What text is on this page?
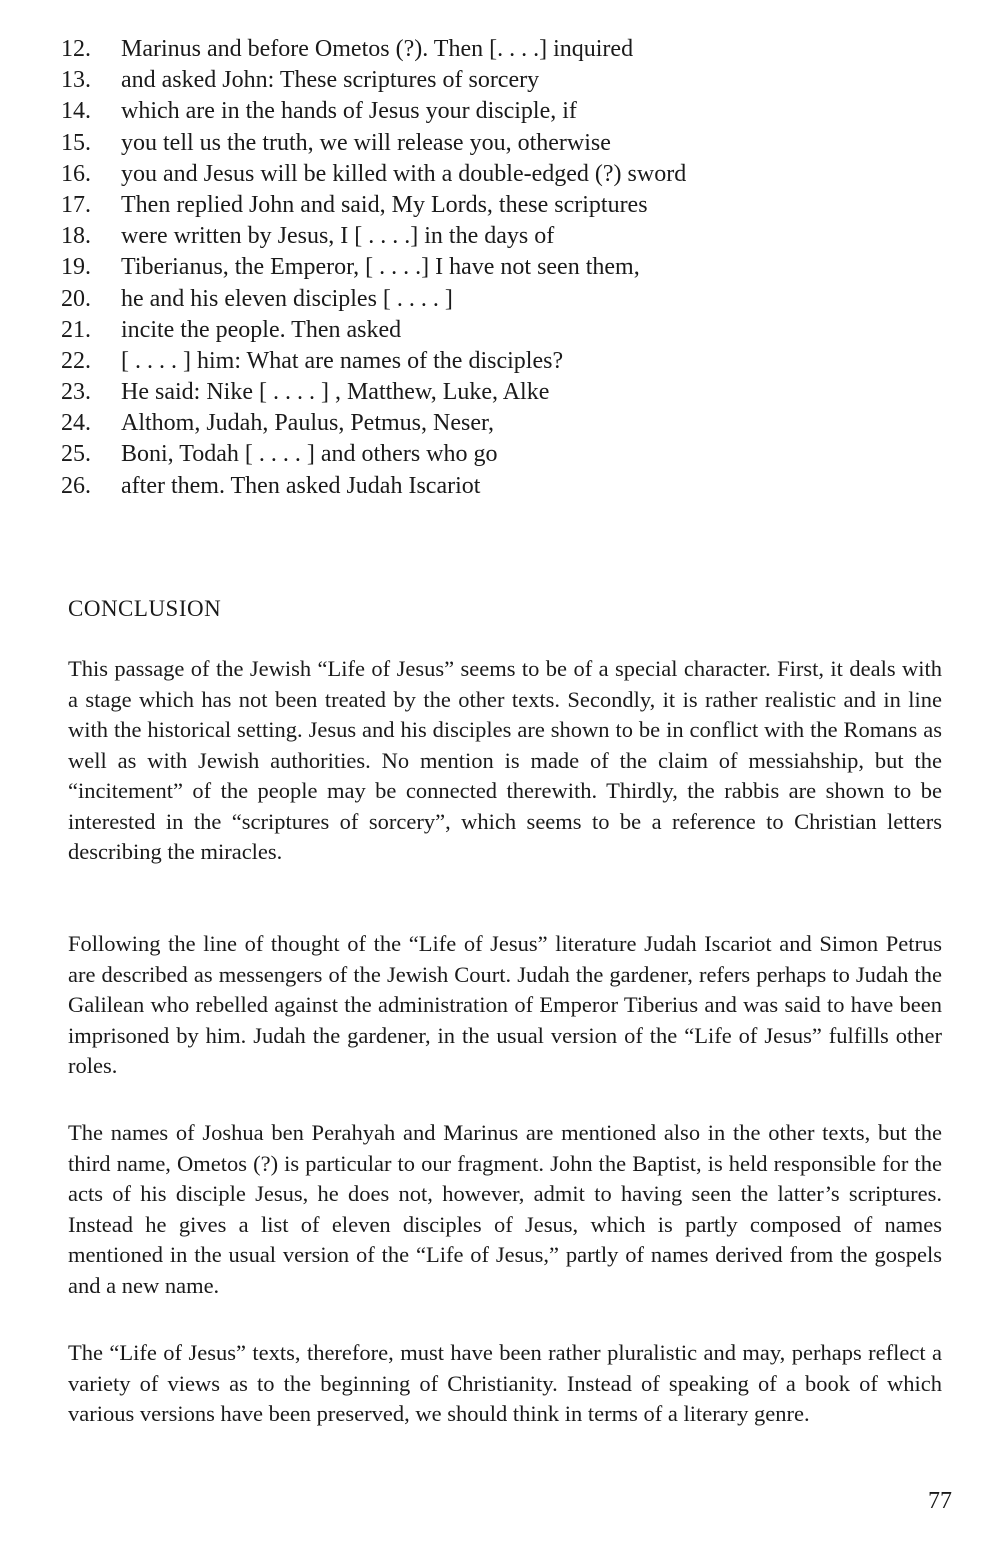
12.	Marinus and before Ometos (?). Then [. . . .] inquired
13.	and asked John: These scriptures of sorcery
14.	which are in the hands of Jesus your disciple, if
15.	you tell us the truth, we will release you, otherwise
16.	you and Jesus will be killed with a double-edged (?) sword
17.	Then replied John and said, My Lords, these scriptures
18.	were written by Jesus, I [ . . . .] in the days of
19.	Tiberianus, the Emperor, [ . . . .] I have not seen them,
20.	he and his eleven disciples [ . . . . ]
21.	incite the people. Then asked
22.	[ . . . . ] him: What are names of the disciples?
23.	He said: Nike [ . . . . ] , Matthew, Luke, Alke
24.	Althom, Judah, Paulus, Petmus, Neser,
25.	Boni, Todah [ . . . . ] and others who go
26.	after them. Then asked Judah Iscariot
CONCLUSION

This passage of the Jewish “Life of Jesus” seems to be of a special character. First, it deals with a stage which has not been treated by the other texts. Secondly, it is rather realistic and in line with the historical setting. Jesus and his disciples are shown to be in conflict with the Romans as well as with Jewish authorities. No mention is made of the claim of messiahship, but the “incitement” of the people may be connected therewith. Thirdly, the rabbis are shown to be interested in the “scriptures of sorcery”, which seems to be a reference to Christian letters describing the miracles.

Following the line of thought of the “Life of Jesus” literature Judah Iscariot and Simon Petrus are described as messengers of the Jewish Court. Judah the gardener, refers perhaps to Judah the Galilean who rebelled against the administration of Emperor Tiberius and was said to have been imprisoned by him. Judah the gardener, in the usual version of the “Life of Jesus” fulfills other roles.

The names of Joshua ben Perahyah and Marinus are mentioned also in the other texts, but the third name, Ometos (?) is particular to our fragment. John the Baptist, is held responsible for the acts of his disciple Jesus, he does not, however, admit to having seen the latter’s scriptures. Instead he gives a list of eleven disciples of Jesus, which is partly composed of names mentioned in the usual version of the “Life of Jesus,” partly of names derived from the gospels and a new name.

The “Life of Jesus” texts, therefore, must have been rather pluralistic and may, perhaps reflect a variety of views as to the beginning of Christianity. Instead of speaking of a book of which various versions have been preserved, we should think in terms of a literary genre.

77
